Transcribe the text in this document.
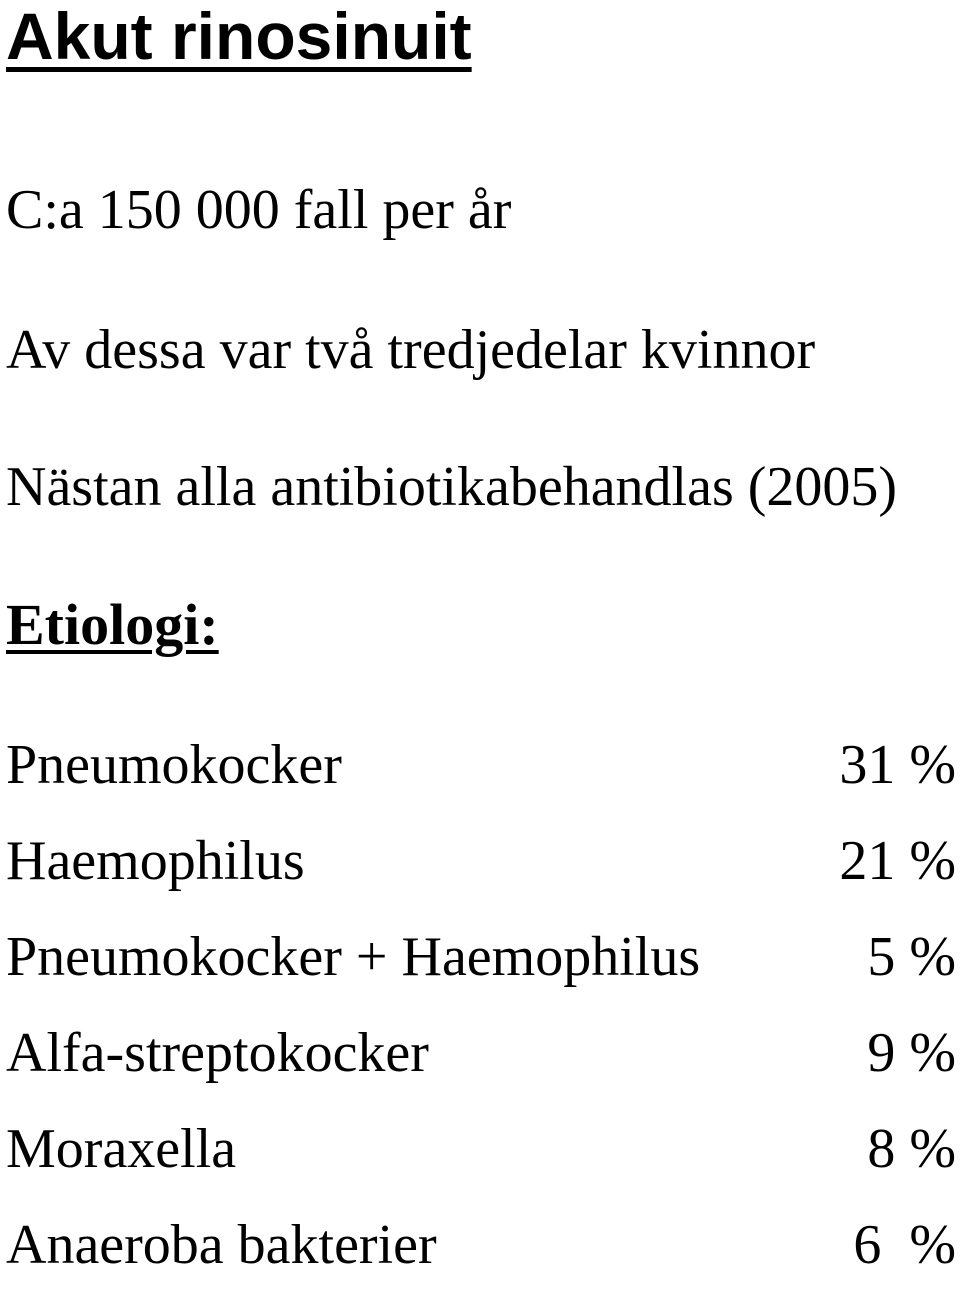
Akut rinosinuit

C:a 150 000 fall per år

Av dessa var två tredjedelar kvinnor

Nästan alla antibiotikabehandlas (2005)

Etiologi:
Pneumokocker	31 %
Haemophilus	21 %
Pneumokocker + Haemophilus	5 %
Alfa-streptokocker	9 %
Moraxella	8 %
Anaeroba bakterier	6  %
